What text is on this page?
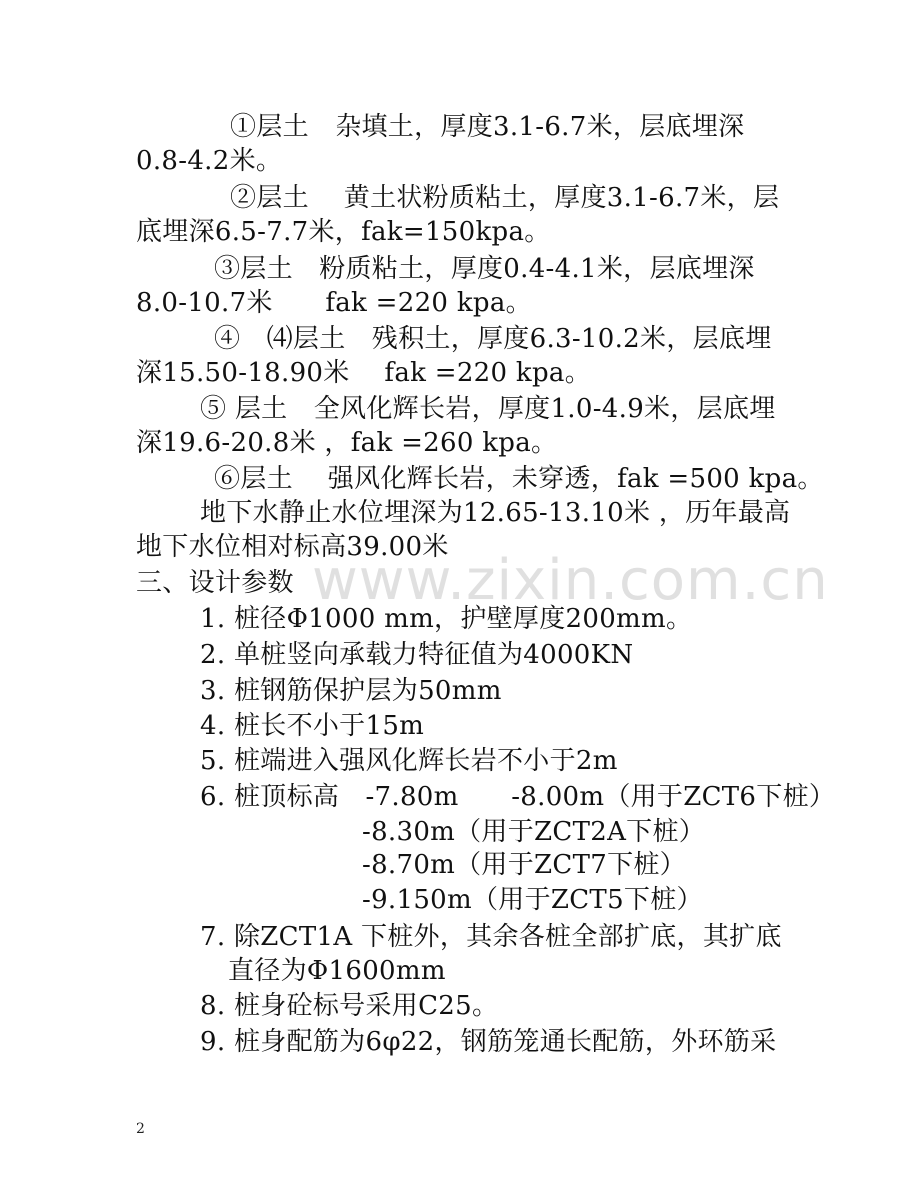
www.zixin.com.cn
①层土　杂填土，厚度3.1-6.7米，层底埋深
0.8-4.2米。
②层土　 黄土状粉质粘土，厚度3.1-6.7米，层
底埋深6.5-7.7米，fak=150kpa。
③层土　粉质粘土，厚度0.4-4.1米，层底埋深
8.0-10.7米　　fak =220 kpa。
④　⑷层土　残积土，厚度6.3-10.2米，层底埋
深15.50-18.90米　 fak =220 kpa。
⑤ 层土　全风化辉长岩，厚度1.0-4.9米，层底埋
深19.6-20.8米 ，fak =260 kpa。
⑥层土　 强风化辉长岩，未穿透，fak =500 kpa。
地下水静止水位埋深为12.65-13.10米 ，历年最高
地下水位相对标高39.00米
三、设计参数
1. 桩径Φ1000 mm，护壁厚度200mm。
2. 单桩竖向承载力特征值为4000KN
3. 桩钢筋保护层为50mm
4. 桩长不小于15m
5. 桩端进入强风化辉长岩不小于2m
6. 桩顶标高　-7.80m　　-8.00m（用于ZCT6下桩）
-8.30m（用于ZCT2A下桩）
-8.70m（用于ZCT7下桩）
-9.150m（用于ZCT5下桩）
7. 除ZCT1A 下桩外，其余各桩全部扩底，其扩底
直径为Φ1600mm
8. 桩身砼标号采用C25。
9. 桩身配筋为6φ22，钢筋笼通长配筋，外环筋采
2
